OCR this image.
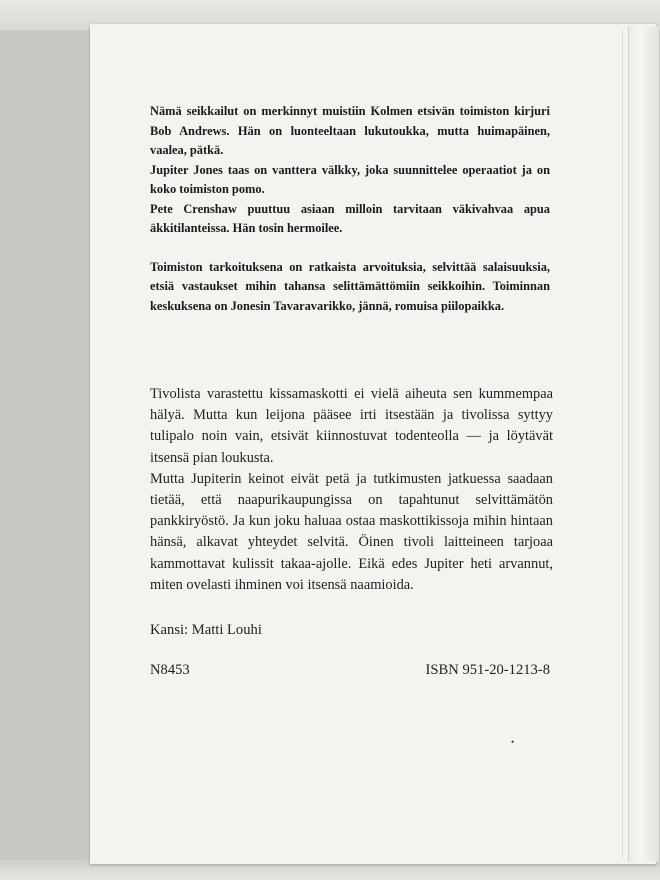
Nämä seikkailut on merkinnyt muistiin Kolmen etsivän toimiston kirjuri Bob Andrews. Hän on luonteeltaan lukutoukka, mutta huimapäinen, vaalea, pätkä.

Jupiter Jones taas on vanttera välkky, joka suunnittelee operaatiot ja on koko toimiston pomo.

Pete Crenshaw puuttuu asiaan milloin tarvitaan väkivahvaa apua äkkitilanteissa. Hän tosin hermoilee.

Toimiston tarkoituksena on ratkaista arvoituksia, selvittää salaisuuksia, etsiä vastaukset mihin tahansa selittämättömiin seikkoihin. Toiminnan keskuksena on Jonesin Tavaravarikko, jännä, romuisa piilopaikka.

Tivolista varastettu kissamaskotti ei vielä aiheuta sen kummempaa hälyä. Mutta kun leijona pääsee irti itsestään ja tivolissa syttyy tulipalo noin vain, etsivät kiinnostuvat todenteolla — ja löytävät itsensä pian loukusta.

Mutta Jupiterin keinot eivät petä ja tutkimusten jatkuessa saadaan tietää, että naapurikaupungissa on tapahtunut selvittämätön pankkiryöstö. Ja kun joku haluaa ostaa maskottikissoja mihin hintaan hänsä, alkavat yhteydet selvitä. Öinen tivoli laitteineen tarjoaa kammottavat kulissit takaa-ajolle. Eikä edes Jupiter heti arvannut, miten ovelasti ihminen voi itsensä naamioida.

Kansi: Matti Louhi
N8453	ISBN 951-20-1213-8
•
